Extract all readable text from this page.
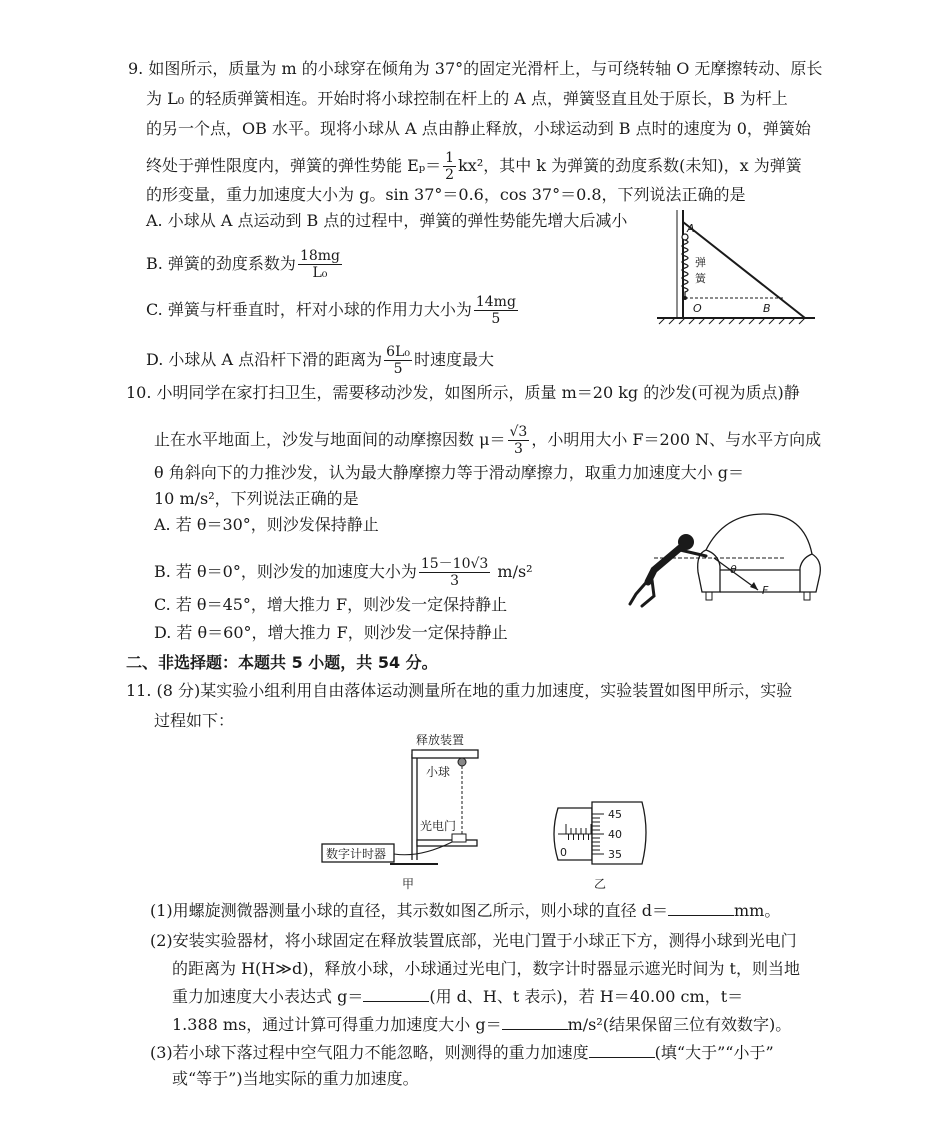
9. 如图所示，质量为 m 的小球穿在倾角为 37°的固定光滑杆上，与可绕转轴 O 无摩擦转动、原长
为 L₀ 的轻质弹簧相连。开始时将小球控制在杆上的 A 点，弹簧竖直且处于原长，B 为杆上
的另一个点，OB 水平。现将小球从 A 点由静止释放，小球运动到 B 点时的速度为 0，弹簧始
终处于弹性限度内，弹簧的弹性势能 $E_p= \frac{1}{2} kx^2$，其中 k 为弹簧的劲度系数(未知)，x 为弹簧
的形变量，重力加速度大小为 g。sin 37°＝0.6，cos 37°＝0.8，下列说法正确的是
A. 小球从 A 点运动到 B 点的过程中，弹簧的弹性势能先增大后减小
B. 弹簧的劲度系数为 $\frac{18mg}{\text{L₀}}$
C. 弹簧与杆垂直时，杆对小球的作用力大小为 $\frac{14mg}{5}$
D. 小球从 A 点沿杆下滑的距离为 $\frac{\text{6L₀}}{5}$ 时速度最大
A
弹
簧
O	B
10. 小明同学在家打扫卫生，需要移动沙发，如图所示，质量 m＝20 kg 的沙发(可视为质点)静
止在水平地面上，沙发与地面间的动摩擦因数 $\mu= \frac{√3}{3}$ ，小明用大小 F＝200 N、与水平方向成
θ 角斜向下的力推沙发，认为最大静摩擦力等于滑动摩擦力，取重力加速度大小 g＝
10 m/s²，下列说法正确的是
A. 若 θ＝30°，则沙发保持静止
B. 若 θ＝0°，则沙发的加速度大小为 $\frac{15-10√3}{3} m/s^2$
C. 若 θ＝45°，增大推力 F，则沙发一定保持静止
D. 若 θ＝60°，增大推力 F，则沙发一定保持静止
θ
F
二、非选择题：本题共 5 小题，共 54 分。
11. (8 分)某实验小组利用自由落体运动测量所在地的重力加速度，实验装置如图甲所示，实验
过程如下：
释放装置
小球
光电门
数字计时器
甲
0
45
40
35
乙
(1)用螺旋测微器测量小球的直径，其示数如图乙所示，则小球的直径 d＝	mm。
(2)安装实验器材，将小球固定在释放装置底部，光电门置于小球正下方，测得小球到光电门
的距离为 H(H≫d)，释放小球，小球通过光电门，数字计时器显示遮光时间为 t，则当地
重力加速度大小表达式 g＝	(用 d、H、t 表示)，若 H＝40.00 cm，t＝
1.388 ms，通过计算可得重力加速度大小 g＝	m/s²(结果保留三位有效数字)。
(3)若小球下落过程中空气阻力不能忽略，则测得的重力加速度	(填“大于”“小于”
或“等于”)当地实际的重力加速度。
